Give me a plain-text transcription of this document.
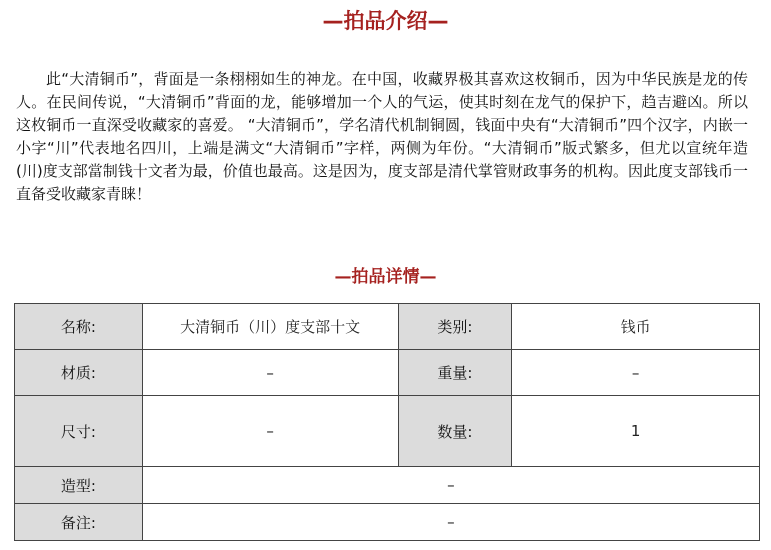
—拍品介绍—

此“大清铜币”，背面是一条栩栩如生的神龙。在中国，收藏界极其喜欢这枚铜币，因为中华民族是龙的传人。在民间传说，“大清铜币”背面的龙，能够增加一个人的气运，使其时刻在龙气的保护下，趋吉避凶。所以这枚铜币一直深受收藏家的喜爱。 “大清铜币”，学名清代机制铜圆，钱面中央有“大清铜币”四个汉字，内嵌一小字“川”代表地名四川，上端是满文“大清铜币”字样，两侧为年份。“大清铜币”版式繁多，但尤以宣统年造(川)度支部當制钱十文者为最，价值也最高。这是因为，度支部是清代掌管财政事务的机构。因此度支部钱币一直备受收藏家青睐！

—拍品详情—
名称:	大清铜币（川）度支部十文	类别:	钱币
材质:	–	重量:	–
尺寸:	–	数量:	1
造型:	–		
备注:	–		
